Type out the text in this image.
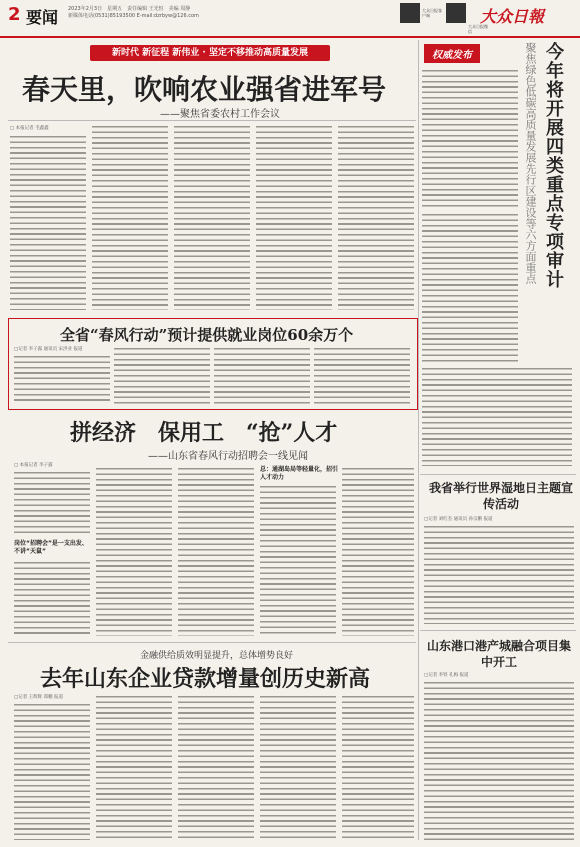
2 要闻 2023年2月3日　星期五　责任编辑 王光恒　美编 周静
新媒体电话(0531)85193500 E-mail:dzrbyw@126.com
大众日报客户端
大众日报微信
大众日報
新时代 新征程 新伟业 · 坚定不移推动高质量发展
春天里，吹响农业强省进军号
——聚焦省委农村工作会议
□ 本报记者 毛鑫鑫
权威发布	今年将开展四类重点专项审计
聚焦绿色低碳高质量发展先行区建设等六方面重点
我省举行世界湿地日主题宣传活动
□记者 刘红杰 通讯员 孙宗鹏 报道
山东港口港产城融合项目集中开工
□记者 李铁 孔梅 报道
全省“春风行动”预计提供就业岗位60余万个
□记者 李子露 通讯员 宋洪业 报道
拼经济　保用工　“抢”人才
——山东省春风行动招聘会一线见闻
□ 本报记者 李子露
岗位“招聘会”是一支出发、不讲”天鼠”
总：通湖岛局等轻量化，招引人才动力
金融供给质效明显提升，总体增势良好
去年山东企业贷款增量创历史新高
□记者 王辉辉 郑鹏 报道
